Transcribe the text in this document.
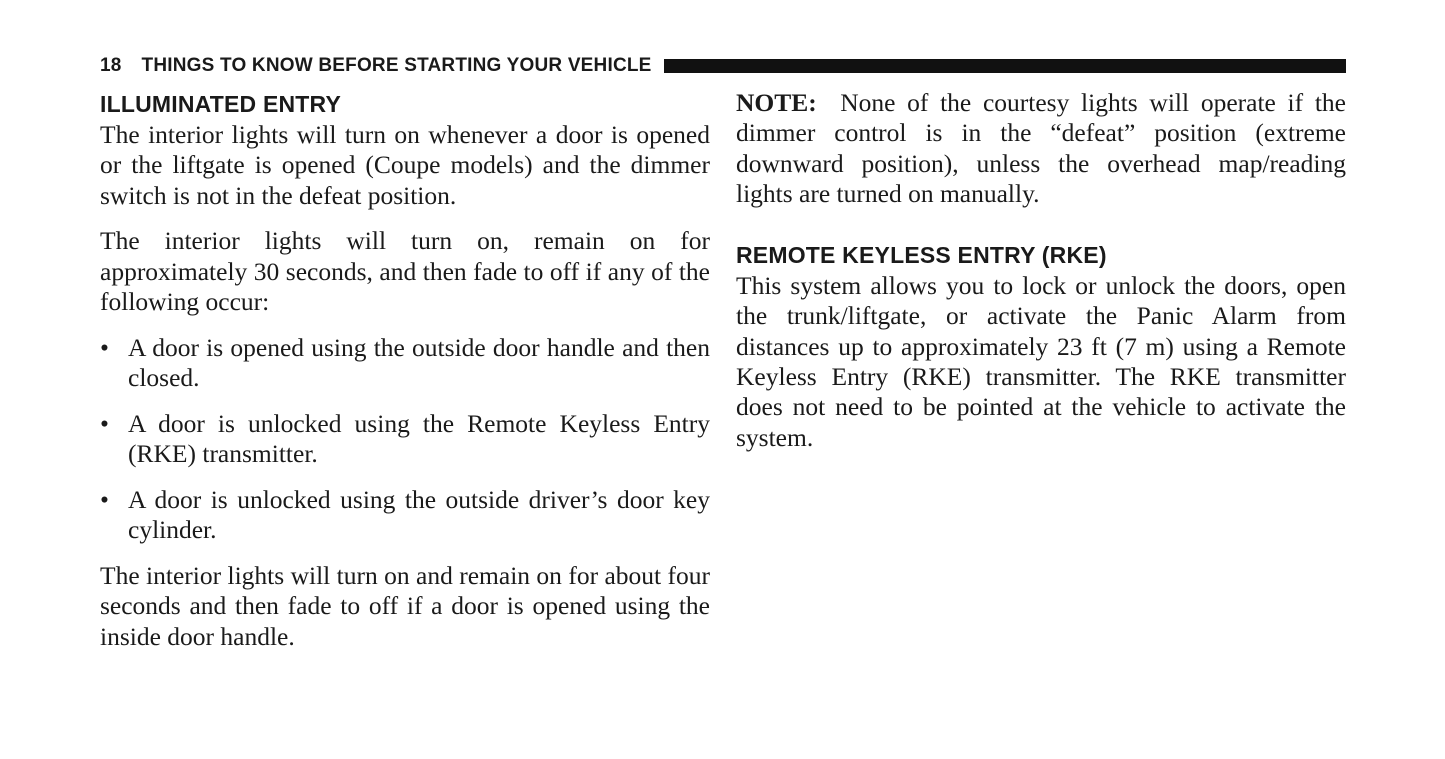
18 THINGS TO KNOW BEFORE STARTING YOUR VEHICLE
ILLUMINATED ENTRY

The interior lights will turn on whenever a door is opened or the liftgate is opened (Coupe models) and the dimmer switch is not in the defeat position.

The interior lights will turn on, remain on for approximately 30 seconds, and then fade to off if any of the following occur:

• A door is opened using the outside door handle and then closed.
• A door is unlocked using the Remote Keyless Entry (RKE) transmitter.
• A door is unlocked using the outside driver’s door key cylinder.

The interior lights will turn on and remain on for about four seconds and then fade to off if a door is opened using the inside door handle.

NOTE: None of the courtesy lights will operate if the dimmer control is in the “defeat” position (extreme downward position), unless the overhead map/reading lights are turned on manually.

REMOTE KEYLESS ENTRY (RKE)

This system allows you to lock or unlock the doors, open the trunk/liftgate, or activate the Panic Alarm from distances up to approximately 23 ft (7 m) using a Remote Keyless Entry (RKE) transmitter. The RKE transmitter does not need to be pointed at the vehicle to activate the system.
